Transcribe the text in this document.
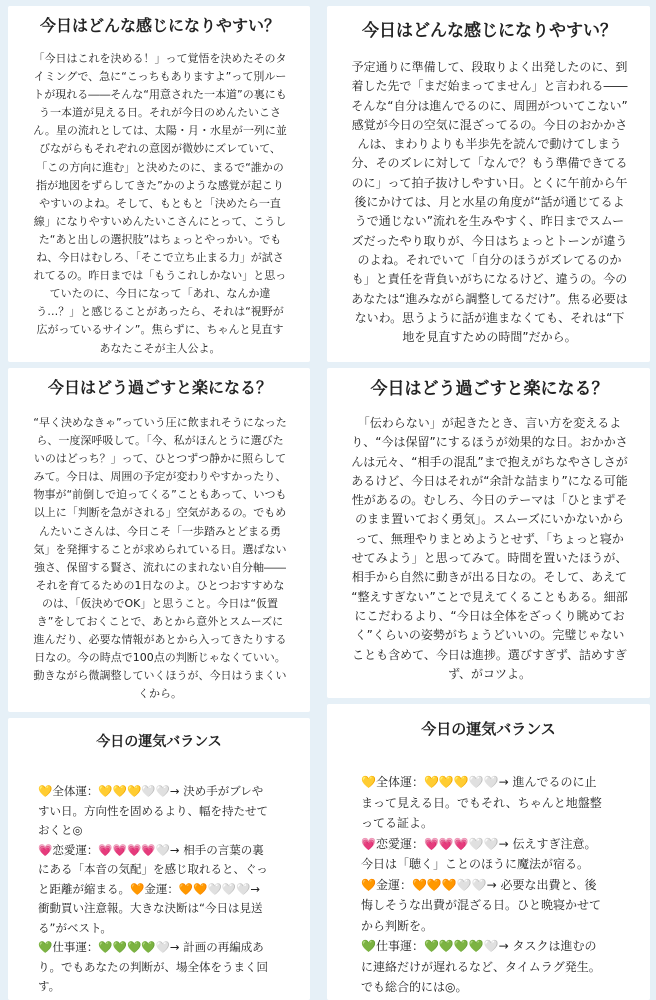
今日はどんな感じになりやすい？

「今日はこれを決める！」って覚悟を決めたそのタ
イミングで、急に“こっちもありますよ”って別ルー
トが現れる――そんな“用意された一本道”の裏にも
う一本道が見える日。それが今日のめんたいこさ
ん。星の流れとしては、太陽・月・水星が一列に並
びながらもそれぞれの意図が微妙にズレていて、
「この方向に進む」と決めたのに、まるで“誰かの
指が地図をずらしてきた”かのような感覚が起こり
やすいのよね。そして、もともと「決めたら一直
線」になりやすいめんたいこさんにとって、こうし
た“あと出しの選択肢”はちょっとやっかい。でも
ね、今日はむしろ、「そこで立ち止まる力」が試さ
れてるの。昨日までは「もうこれしかない」と思っ
ていたのに、今日になって「あれ、なんか違
う…？」と感じることがあったら、それは“視野が
広がっているサイン”。焦らずに、ちゃんと見直す
あなたこそが主人公よ。

今日はどう過ごすと楽になる？

“早く決めなきゃ”っていう圧に飲まれそうになった
ら、一度深呼吸して。「今、私がほんとうに選びた
いのはどっち？」って、ひとつずつ静かに照らして
みて。今日は、周囲の予定が変わりやすかったり、
物事が“前倒しで迫ってくる”こともあって、いつも
以上に「判断を急がされる」空気があるの。でもめ
んたいこさんは、今日こそ「一歩踏みとどまる勇
気」を発揮することが求められている日。選ばない
強さ、保留する賢さ、流れにのまれない自分軸――
それを育てるための1日なのよ。ひとつおすすめな
のは、「仮決めでOK」と思うこと。今日は“仮置
き”をしておくことで、あとから意外とスムーズに
進んだり、必要な情報があとから入ってきたりする
日なの。今の時点で100点の判断じゃなくていい。
動きながら微調整していくほうが、今日はうまくい
くから。

今日の運気バランス

💛全体運：💛💛💛🤍🤍→ 決め手がブレや
すい日。方向性を固めるより、幅を持たせて
おくと◎
💗恋愛運：💗💗💗💗🤍→ 相手の言葉の裏
にある「本音の気配」を感じ取れると、ぐっ
と距離が縮まる。🧡金運：🧡🧡🤍🤍🤍→
衝動買い注意報。大きな決断は“今日は見送
る”がベスト。
💚仕事運：💚💚💚💚🤍→ 計画の再編成あ
り。でもあなたの判断が、場全体をうまく回
す。

今日はどんな感じになりやすい？

予定通りに準備して、段取りよく出発したのに、到
着した先で「まだ始まってません」と言われる――
そんな“自分は進んでるのに、周囲がついてこない”
感覚が今日の空気に混ざってるの。今日のおかかさ
んは、まわりよりも半歩先を読んで動けてしまう
分、そのズレに対して「なんで？もう準備できてる
のに」って拍子抜けしやすい日。とくに午前から午
後にかけては、月と水星の角度が“話が通じてるよ
うで通じない”流れを生みやすく、昨日までスムー
ズだったやり取りが、今日はちょっとトーンが違う
のよね。それでいて「自分のほうがズレてるのか
も」と責任を背負いがちになるけど、違うの。今の
あなたは“進みながら調整してるだけ”。焦る必要は
ないわ。思うように話が進まなくても、それは“下
地を見直すための時間”だから。

今日はどう過ごすと楽になる？

「伝わらない」が起きたとき、言い方を変えるよ
り、“今は保留”にするほうが効果的な日。おかかさ
んは元々、“相手の混乱”まで抱えがちなやさしさが
あるけど、今日はそれが“余計な詰まり”になる可能
性があるの。むしろ、今日のテーマは「ひとまずそ
のまま置いておく勇気」。スムーズにいかないから
って、無理やりまとめようとせず、「ちょっと寝か
せてみよう」と思ってみて。時間を置いたほうが、
相手から自然に動きが出る日なの。そして、あえて
“整えすぎない”ことで見えてくることもある。細部
にこだわるより、“今日は全体をざっくり眺めてお
く”くらいの姿勢がちょうどいいの。完璧じゃない
ことも含めて、今日は進捗。選びすぎず、詰めすぎ
ず、がコツよ。

今日の運気バランス

💛全体運：💛💛💛🤍🤍→ 進んでるのに止
まって見える日。でもそれ、ちゃんと地盤整
ってる証よ。
💗恋愛運：💗💗💗🤍🤍→ 伝えすぎ注意。
今日は「聴く」ことのほうに魔法が宿る。
🧡金運：🧡🧡🧡🤍🤍→ 必要な出費と、後
悔しそうな出費が混ざる日。ひと晩寝かせて
から判断を。
💚仕事運：💚💚💚💚🤍→ タスクは進むの
に連絡だけが遅れるなど、タイムラグ発生。
でも総合的には◎。
